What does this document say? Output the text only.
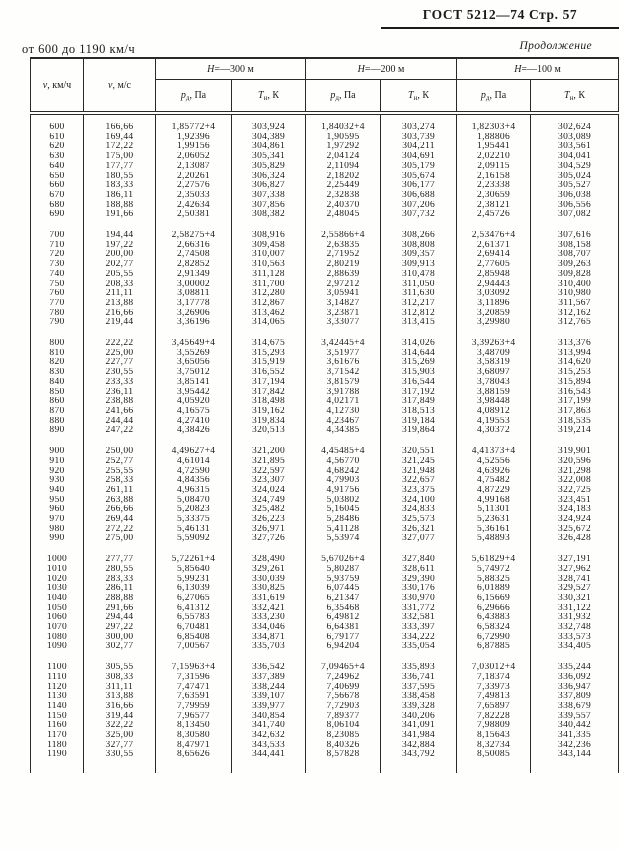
ГОСТ 5212—74 Стр. 57
Продолжение
от 600 до 1190 км/ч
v, км/ч	v, м/с	Н=—300 м		Н=—200 м		Н=—100 м	
		$р_д$, Па	$Т_н$, К	$р_д$, Па	$Т_н$, К	$р_д$, Па	$Т_н$, К

600	166,66	1,85772+4	303,924	1,84032+4	303,274	1,82303+4	302,624
610	169,44	1,92396	304,389	1,90595	303,739	1,88806	303,089
620	172,22	1,99156	304,861	1,97292	304,211	1,95441	303,561
630	175,00	2,06052	305,341	2,04124	304,691	2,02210	304,041
640	177,77	2,13087	305,829	2,11094	305,179	2,09115	304,529
650	180,55	2,20261	306,324	2,18202	305,674	2,16158	305,024
660	183,33	2,27576	306,827	2,25449	306,177	2,23338	305,527
670	186,11	2,35033	307,338	2,32838	306,688	2,30659	306,038
680	188,88	2,42634	307,856	2,40370	307,206	2,38121	306,556
690	191,66	2,50381	308,382	2,48045	307,732	2,45726	307,082

700	194,44	2,58275+4	308,916	2,55866+4	308,266	2,53476+4	307,616
710	197,22	2,66316	309,458	2,63835	308,808	2,61371	308,158
720	200,00	2,74508	310,007	2,71952	309,357	2,69414	308,707
730	202,77	2,82852	310,563	2,80219	309,913	2,77605	309,263
740	205,55	2,91349	311,128	2,88639	310,478	2,85948	309,828
750	208,33	3,00002	311,700	2,97212	311,050	2,94443	310,400
760	211,11	3,08811	312,280	3,05941	311,630	3,03092	310,980
770	213,88	3,17778	312,867	3,14827	312,217	3,11896	311,567
780	216,66	3,26906	313,462	3,23871	312,812	3,20859	312,162
790	219,44	3,36196	314,065	3,33077	313,415	3,29980	312,765

800	222,22	3,45649+4	314,675	3,42445+4	314,026	3,39263+4	313,376
810	225,00	3,55269	315,293	3,51977	314,644	3,48709	313,994
820	227,77	3,65056	315,919	3,61676	315,269	3,58319	314,620
830	230,55	3,75012	316,552	3,71542	315,903	3,68097	315,253
840	233,33	3,85141	317,194	3,81579	316,544	3,78043	315,894
850	236,11	3,95442	317,842	3,91788	317,192	3,88159	316,543
860	238,88	4,05920	318,498	4,02171	317,849	3,98448	317,199
870	241,66	4,16575	319,162	4,12730	318,513	4,08912	317,863
880	244,44	4,27410	319,834	4,23467	319,184	4,19553	318,535
890	247,22	4,38426	320,513	4,34385	319,864	4,30372	319,214

900	250,00	4,49627+4	321,200	4,45485+4	320,551	4,41373+4	319,901
910	252,77	4,61014	321,895	4,56770	321,245	4,52556	320,596
920	255,55	4,72590	322,597	4,68242	321,948	4,63926	321,298
930	258,33	4,84356	323,307	4,79903	322,657	4,75482	322,008
940	261,11	4,96315	324,024	4,91756	323,375	4,87229	322,725
950	263,88	5,08470	324,749	5,03802	324,100	4,99168	323,451
960	266,66	5,20823	325,482	5,16045	324,833	5,11301	324,183
970	269,44	5,33375	326,223	5,28486	325,573	5,23631	324,924
980	272,22	5,46131	326,971	5,41128	326,321	5,36161	325,672
990	275,00	5,59092	327,726	5,53974	327,077	5,48893	326,428

1000	277,77	5,72261+4	328,490	5,67026+4	327,840	5,61829+4	327,191
1010	280,55	5,85640	329,261	5,80287	328,611	5,74972	327,962
1020	283,33	5,99231	330,039	5,93759	329,390	5,88325	328,741
1030	286,11	6,13039	330,825	6,07445	330,176	6,01889	329,527
1040	288,88	6,27065	331,619	6,21347	330,970	6,15669	330,321
1050	291,66	6,41312	332,421	6,35468	331,772	6,29666	331,122
1060	294,44	6,55783	333,230	6,49812	332,581	6,43883	331,932
1070	297,22	6,70481	334,046	6,64381	333,397	6,58324	332,748
1080	300,00	6,85408	334,871	6,79177	334,222	6,72990	333,573
1090	302,77	7,00567	335,703	6,94204	335,054	6,87885	334,405

1100	305,55	7,15963+4	336,542	7,09465+4	335,893	7,03012+4	335,244
1110	308,33	7,31596	337,389	7,24962	336,741	7,18374	336,092
1120	311,11	7,47471	338,244	7,40699	337,595	7,33973	336,947
1130	313,88	7,63591	339,107	7,56678	338,458	7,49813	337,809
1140	316,66	7,79959	339,977	7,72903	339,328	7,65897	338,679
1150	319,44	7,96577	340,854	7,89377	340,206	7,82228	339,557
1160	322,22	8,13450	341,740	8,06104	341,091	7,98809	340,442
1170	325,00	8,30580	342,632	8,23085	341,984	8,15643	341,335
1180	327,77	8,47971	343,533	8,40326	342,884	8,32734	342,236
1190	330,55	8,65626	344,441	8,57828	343,792	8,50085	343,144
